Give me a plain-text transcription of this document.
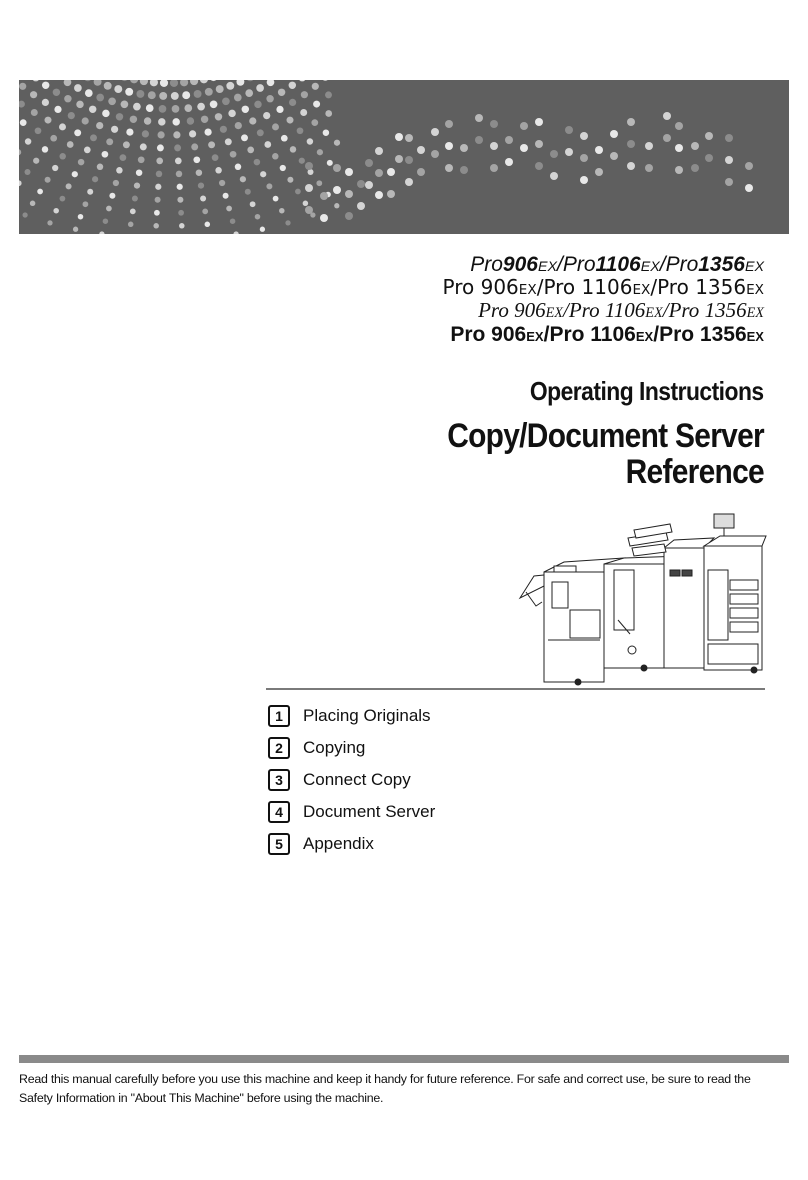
Pro906EX/Pro1106EX/Pro1356EX
Pro 906EX/Pro 1106EX/Pro 1356EX
Pro 906EX/Pro 1106EX/Pro 1356EX
Pro 906EX/Pro 1106EX/Pro 1356EX
Operating Instructions
Copy/Document Server
Reference
1	Placing Originals
2	Copying
3	Connect Copy
4	Document Server
5	Appendix
Read this manual carefully before you use this machine and keep it handy for future reference. For safe and correct use, be sure to read the
Safety Information in "About This Machine" before using the machine.
